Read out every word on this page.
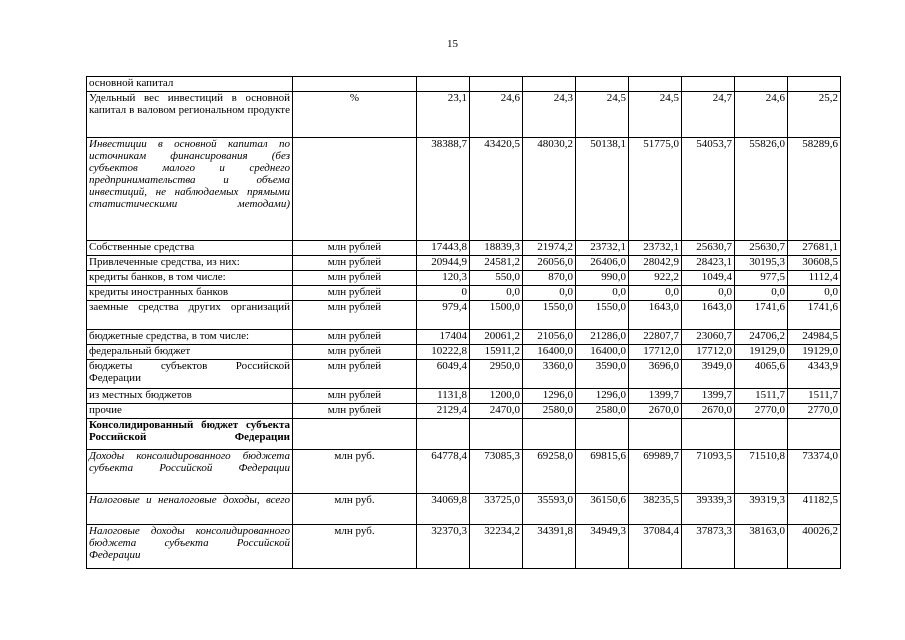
15
основной капитал									
Удельный вес инвестиций в основной капитал в валовом региональном продукте	%	23,1	24,6	24,3	24,5	24,5	24,7	24,6	25,2
Инвестиции в основной капитал по источникам финансирования (без субъектов малого и среднего предпринимательства и объема инвестиций, не наблюдаемых прямыми статистическими методами)		38388,7	43420,5	48030,2	50138,1	51775,0	54053,7	55826,0	58289,6
Собственные средства	млн рублей	17443,8	18839,3	21974,2	23732,1	23732,1	25630,7	25630,7	27681,1
Привлеченные средства, из них:	млн рублей	20944,9	24581,2	26056,0	26406,0	28042,9	28423,1	30195,3	30608,5
кредиты банков, в том числе:	млн рублей	120,3	550,0	870,0	990,0	922,2	1049,4	977,5	1112,4
кредиты иностранных банков	млн рублей	0	0,0	0,0	0,0	0,0	0,0	0,0	0,0
заемные средства других организаций	млн рублей	979,4	1500,0	1550,0	1550,0	1643,0	1643,0	1741,6	1741,6
бюджетные средства, в том числе:	млн рублей	17404	20061,2	21056,0	21286,0	22807,7	23060,7	24706,2	24984,5
федеральный бюджет	млн рублей	10222,8	15911,2	16400,0	16400,0	17712,0	17712,0	19129,0	19129,0
бюджеты субъектов Российской Федерации	млн рублей	6049,4	2950,0	3360,0	3590,0	3696,0	3949,0	4065,6	4343,9
из местных бюджетов	млн рублей	1131,8	1200,0	1296,0	1296,0	1399,7	1399,7	1511,7	1511,7
прочие	млн рублей	2129,4	2470,0	2580,0	2580,0	2670,0	2670,0	2770,0	2770,0
Консолидированный бюджет субъекта Российской Федерации									
Доходы консолидированного бюджета субъекта Российской Федерации	млн руб.	64778,4	73085,3	69258,0	69815,6	69989,7	71093,5	71510,8	73374,0
Налоговые и неналоговые доходы, всего	млн руб.	34069,8	33725,0	35593,0	36150,6	38235,5	39339,3	39319,3	41182,5
Налоговые доходы консолидированного бюджета субъекта Российской Федерации	млн руб.	32370,3	32234,2	34391,8	34949,3	37084,4	37873,3	38163,0	40026,2
